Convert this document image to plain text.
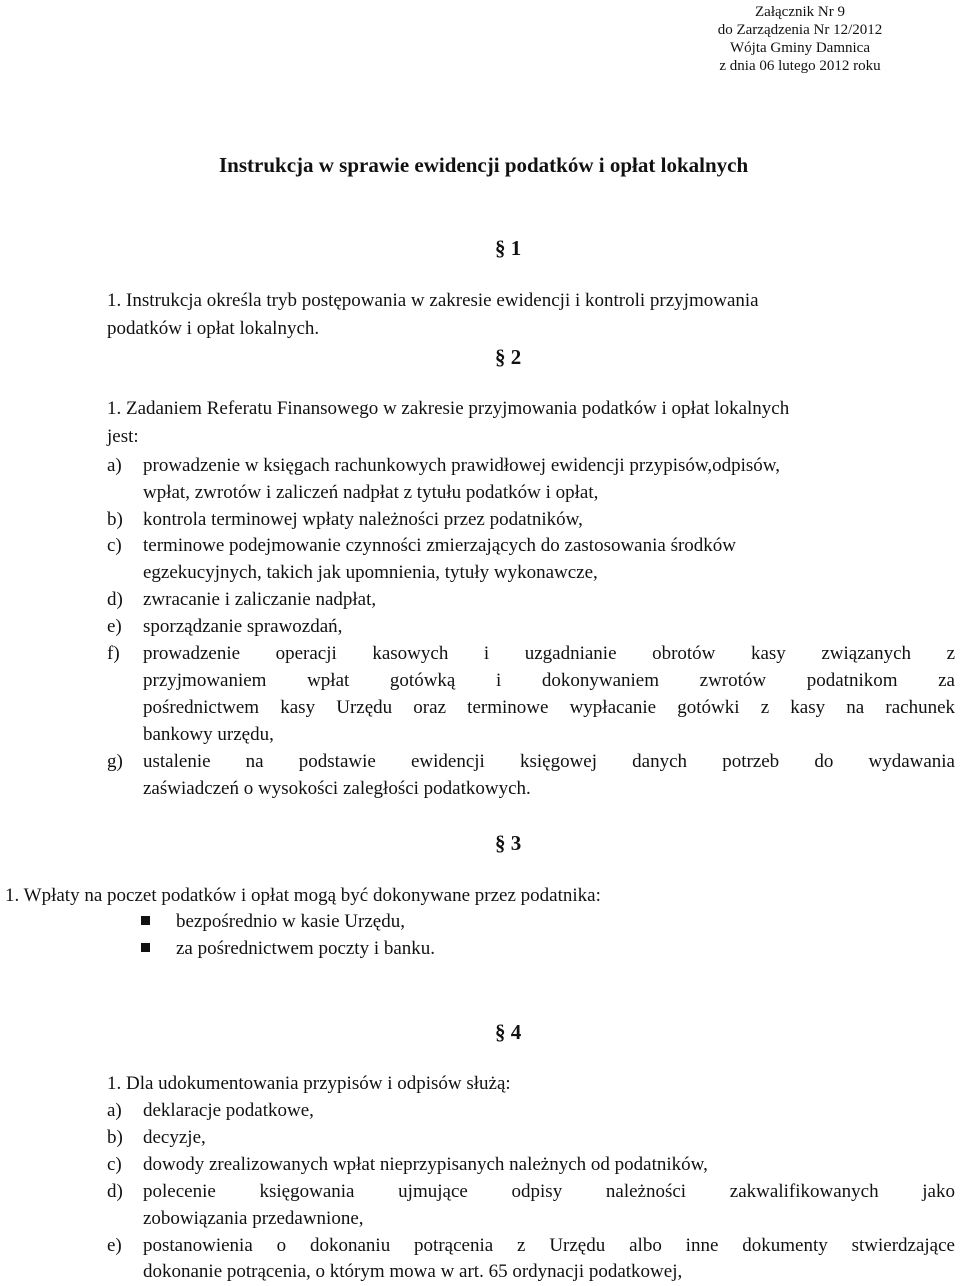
Załącznik Nr 9
do Zarządzenia Nr 12/2012
Wójta Gminy Damnica
z dnia 06 lutego 2012 roku
Instrukcja w sprawie ewidencji podatków i opłat lokalnych
§ 1
1. Instrukcja określa tryb postępowania w zakresie ewidencji i kontroli przyjmowania
podatków i opłat lokalnych.
§ 2
1. Zadaniem Referatu Finansowego w zakresie przyjmowania podatków i opłat lokalnych
jest:
a) prowadzenie w księgach rachunkowych prawidłowej ewidencji przypisów,odpisów,
wpłat, zwrotów i zaliczeń nadpłat z tytułu podatków i opłat,
b) kontrola terminowej wpłaty należności przez podatników,
c) terminowe podejmowanie czynności zmierzających do zastosowania środków
egzekucyjnych, takich jak upomnienia, tytuły wykonawcze,
d) zwracanie i zaliczanie nadpłat,
e) sporządzanie sprawozdań,
f) prowadzenie operacji kasowych i uzgadnianie obrotów kasy związanych z
przyjmowaniem wpłat gotówką i dokonywaniem zwrotów podatnikom za
pośrednictwem kasy Urzędu oraz terminowe wypłacanie gotówki z kasy na rachunek
bankowy urzędu,
g) ustalenie na podstawie ewidencji księgowej danych potrzeb do wydawania
zaświadczeń o wysokości zaległości podatkowych.
§ 3
1. Wpłaty na poczet podatków i opłat mogą być dokonywane przez podatnika:
bezpośrednio w kasie Urzędu,
za pośrednictwem poczty i banku.
§ 4
1. Dla udokumentowania przypisów i odpisów służą:
a) deklaracje podatkowe,
b) decyzje,
c) dowody zrealizowanych wpłat nieprzypisanych należnych od podatników,
d) polecenie księgowania ujmujące odpisy należności zakwalifikowanych jako
zobowiązania przedawnione,
e) postanowienia o dokonaniu potrącenia z Urzędu albo inne dokumenty stwierdzające
dokonanie potrącenia, o którym mowa w art. 65 ordynacji podatkowej,
